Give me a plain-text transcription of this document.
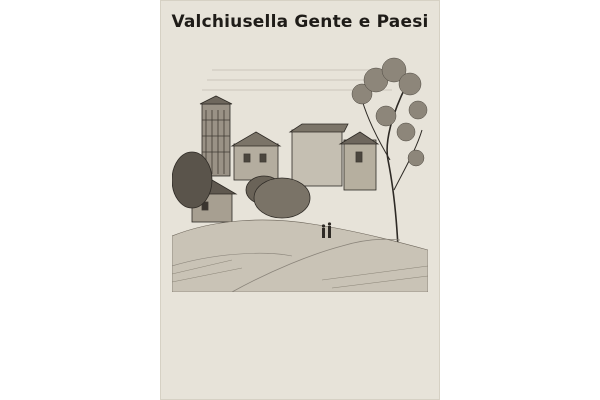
Valchiusella Gente e Paesi
